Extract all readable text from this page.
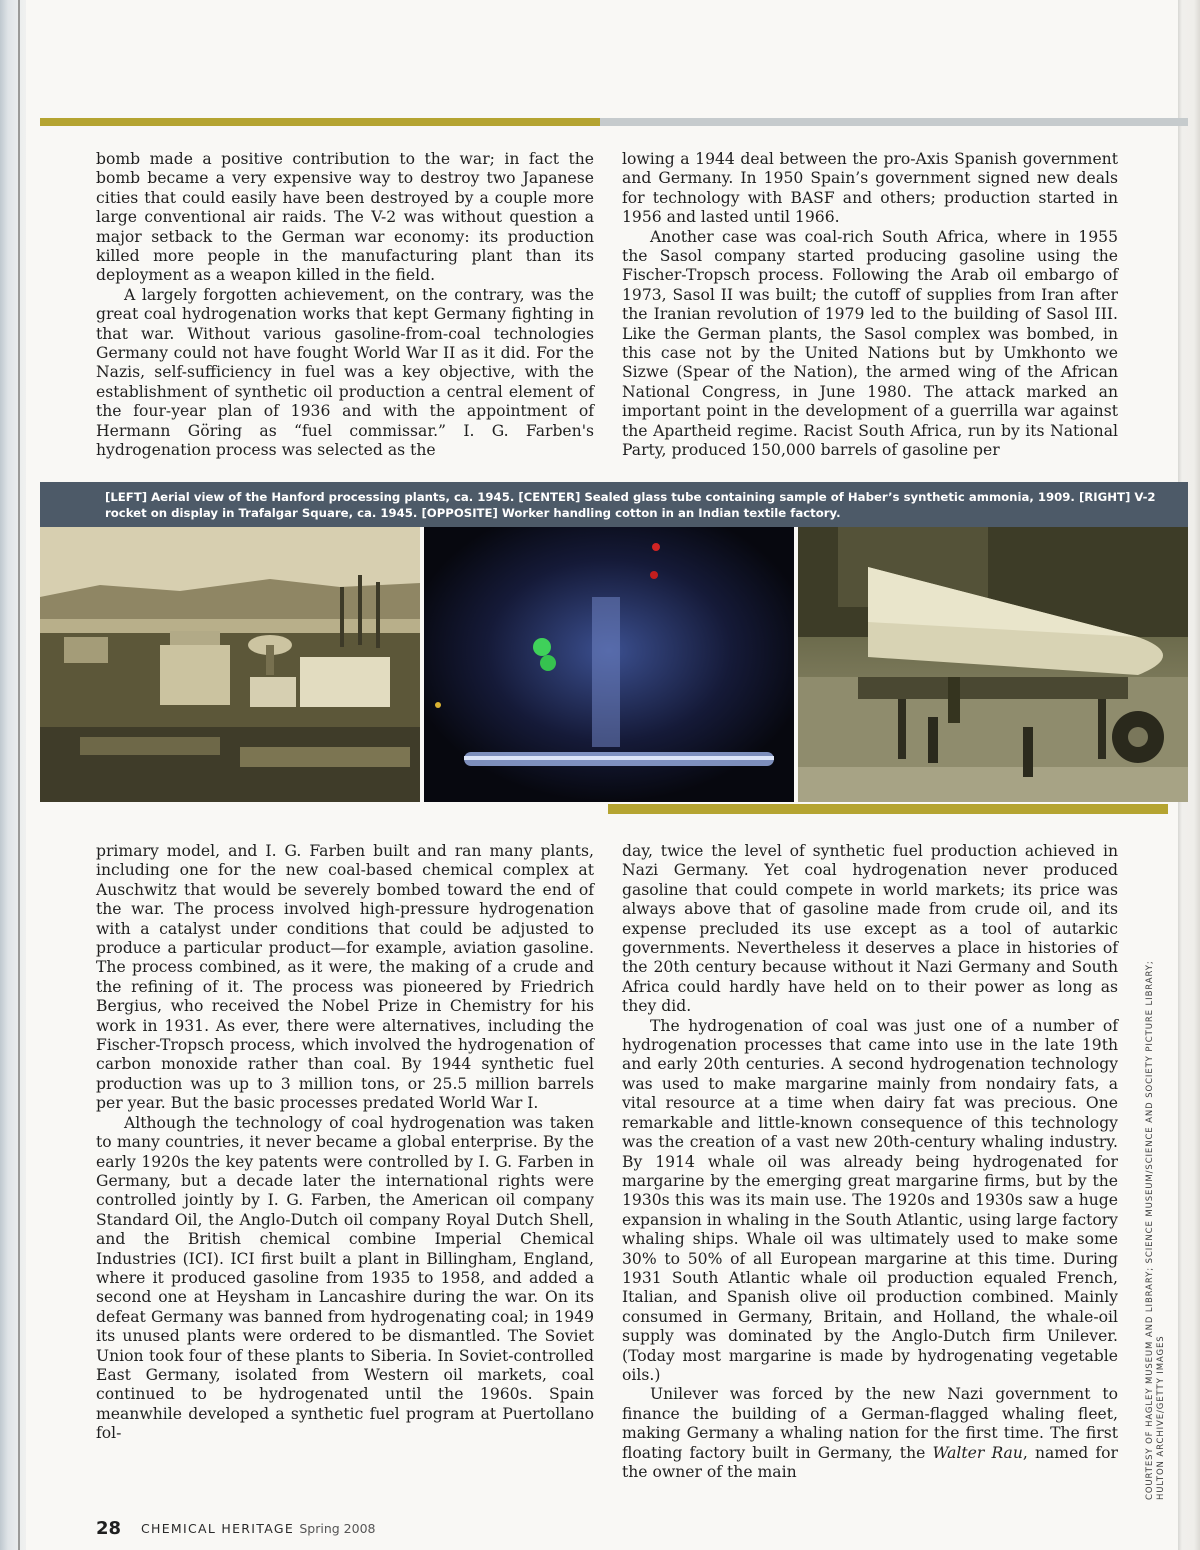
bomb made a positive contribution to the war; in fact the bomb became a very expensive way to destroy two Japanese cities that could easily have been destroyed by a couple more large conventional air raids. The V-2 was without question a major setback to the German war economy: its production killed more people in the manufacturing plant than its deployment as a weapon killed in the field.

A largely forgotten achievement, on the contrary, was the great coal hydrogenation works that kept Germany fighting in that war. Without various gasoline-from-coal technologies Germany could not have fought World War II as it did. For the Nazis, self-sufficiency in fuel was a key objective, with the establishment of synthetic oil production a central element of the four-year plan of 1936 and with the appointment of Hermann Göring as “fuel commissar.” I. G. Farben's hydrogenation process was selected as the

lowing a 1944 deal between the pro-Axis Spanish government and Germany. In 1950 Spain’s government signed new deals for technology with BASF and others; production started in 1956 and lasted until 1966.

Another case was coal-rich South Africa, where in 1955 the Sasol company started producing gasoline using the Fischer-Tropsch process. Following the Arab oil embargo of 1973, Sasol II was built; the cutoff of supplies from Iran after the Iranian revolution of 1979 led to the building of Sasol III. Like the German plants, the Sasol complex was bombed, in this case not by the United Nations but by Umkhonto we Sizwe (Spear of the Nation), the armed wing of the African National Congress, in June 1980. The attack marked an important point in the development of a guerrilla war against the Apartheid regime. Racist South Africa, run by its National Party, produced 150,000 barrels of gasoline per

[LEFT] Aerial view of the Hanford processing plants, ca. 1945. [CENTER] Sealed glass tube containing sample of Haber’s synthetic ammonia, 1909. [RIGHT] V-2 rocket on display in Trafalgar Square, ca. 1945. [OPPOSITE] Worker handling cotton in an Indian textile factory.

primary model, and I. G. Farben built and ran many plants, including one for the new coal-based chemical complex at Auschwitz that would be severely bombed toward the end of the war. The process involved high-pressure hydrogenation with a catalyst under conditions that could be adjusted to produce a particular product—for example, aviation gasoline. The process combined, as it were, the making of a crude and the refining of it. The process was pioneered by Friedrich Bergius, who received the Nobel Prize in Chemistry for his work in 1931. As ever, there were alternatives, including the Fischer-Tropsch process, which involved the hydrogenation of carbon monoxide rather than coal. By 1944 synthetic fuel production was up to 3 million tons, or 25.5 million barrels per year. But the basic processes predated World War I.

Although the technology of coal hydrogenation was taken to many countries, it never became a global enterprise. By the early 1920s the key patents were controlled by I. G. Farben in Germany, but a decade later the international rights were controlled jointly by I. G. Farben, the American oil company Standard Oil, the Anglo-Dutch oil company Royal Dutch Shell, and the British chemical combine Imperial Chemical Industries (ICI). ICI first built a plant in Billingham, England, where it produced gasoline from 1935 to 1958, and added a second one at Heysham in Lancashire during the war. On its defeat Germany was banned from hydrogenating coal; in 1949 its unused plants were ordered to be dismantled. The Soviet Union took four of these plants to Siberia. In Soviet-controlled East Germany, isolated from Western oil markets, coal continued to be hydrogenated until the 1960s. Spain meanwhile developed a synthetic fuel program at Puertollano fol-

day, twice the level of synthetic fuel production achieved in Nazi Germany. Yet coal hydrogenation never produced gasoline that could compete in world markets; its price was always above that of gasoline made from crude oil, and its expense precluded its use except as a tool of autarkic governments. Nevertheless it deserves a place in histories of the 20th century because without it Nazi Germany and South Africa could hardly have held on to their power as long as they did.

The hydrogenation of coal was just one of a number of hydrogenation processes that came into use in the late 19th and early 20th centuries. A second hydrogenation technology was used to make margarine mainly from nondairy fats, a vital resource at a time when dairy fat was precious. One remarkable and little-known consequence of this technology was the creation of a vast new 20th-century whaling industry. By 1914 whale oil was already being hydrogenated for margarine by the emerging great margarine firms, but by the 1930s this was its main use. The 1920s and 1930s saw a huge expansion in whaling in the South Atlantic, using large factory whaling ships. Whale oil was ultimately used to make some 30% to 50% of all European margarine at this time. During 1931 South Atlantic whale oil production equaled French, Italian, and Spanish olive oil production combined. Mainly consumed in Germany, Britain, and Holland, the whale-oil supply was dominated by the Anglo-Dutch firm Unilever. (Today most margarine is made by hydrogenating vegetable oils.)

Unilever was forced by the new Nazi government to finance the building of a German-flagged whaling fleet, making Germany a whaling nation for the first time. The first floating factory built in Germany, the Walter Rau, named for the owner of the main

28 CHEMICAL HERITAGE Spring 2008
COURTESY OF HAGLEY MUSEUM AND LIBRARY; SCIENCE MUSEUM/SCIENCE AND SOCIETY PICTURE LIBRARY; HULTON ARCHIVE/GETTY IMAGES
